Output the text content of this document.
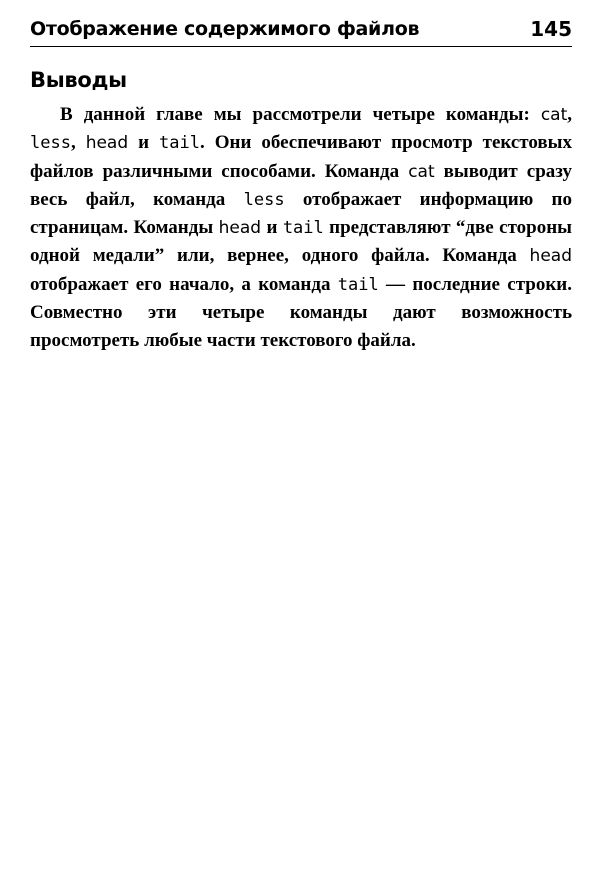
Отображение содержимого файлов	145
Выводы

В данной главе мы рассмотрели четыре команды: cat, less, head и tail. Они обеспечивают просмотр текстовых файлов различными способами. Команда cat выводит сразу весь файл, команда less отображает информацию по страницам. Команды head и tail представляют “две стороны одной медали” или, вернее, одного файла. Команда head отображает его начало, а команда tail — последние строки. Совместно эти четыре команды дают возможность просмотреть любые части текстового файла.
